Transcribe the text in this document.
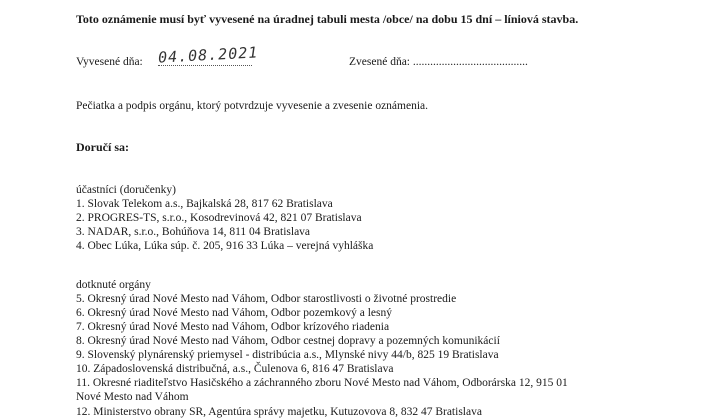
Toto oznámenie musí byť vyvesené na úradnej tabuli mesta /obce/ na dobu 15 dní – líniová stavba.
Vyvesené dňa: 04.08.2021	Zvesené dňa: ........................................
Pečiatka a podpis orgánu, ktorý potvrdzuje vyvesenie a zvesenie oznámenia.
Doručí sa:
účastníci (doručenky)
1. Slovak Telekom a.s., Bajkalská 28, 817 62 Bratislava
2. PROGRES-TS, s.r.o., Kosodrevinová 42, 821 07 Bratislava
3. NADAR, s.r.o., Bohúňova 14, 811 04 Bratislava
4. Obec Lúka, Lúka súp. č. 205, 916 33 Lúka – verejná vyhláška
dotknuté orgány
5. Okresný úrad Nové Mesto nad Váhom, Odbor starostlivosti o životné prostredie
6. Okresný úrad Nové Mesto nad Váhom, Odbor pozemkový a lesný
7. Okresný úrad Nové Mesto nad Váhom, Odbor krízového riadenia
8. Okresný úrad Nové Mesto nad Váhom, Odbor cestnej dopravy a pozemných komunikácií
9. Slovenský plynárenský priemysel - distribúcia a.s., Mlynské nivy 44/b, 825 19 Bratislava
10. Západoslovenská distribučná, a.s., Čulenova 6, 816 47 Bratislava
11. Okresné riaditeľstvo Hasičského a záchranného zboru Nové Mesto nad Váhom, Odborárska 12, 915 01
Nové Mesto nad Váhom
12. Ministerstvo obrany SR, Agentúra správy majetku, Kutuzovova 8, 832 47 Bratislava
